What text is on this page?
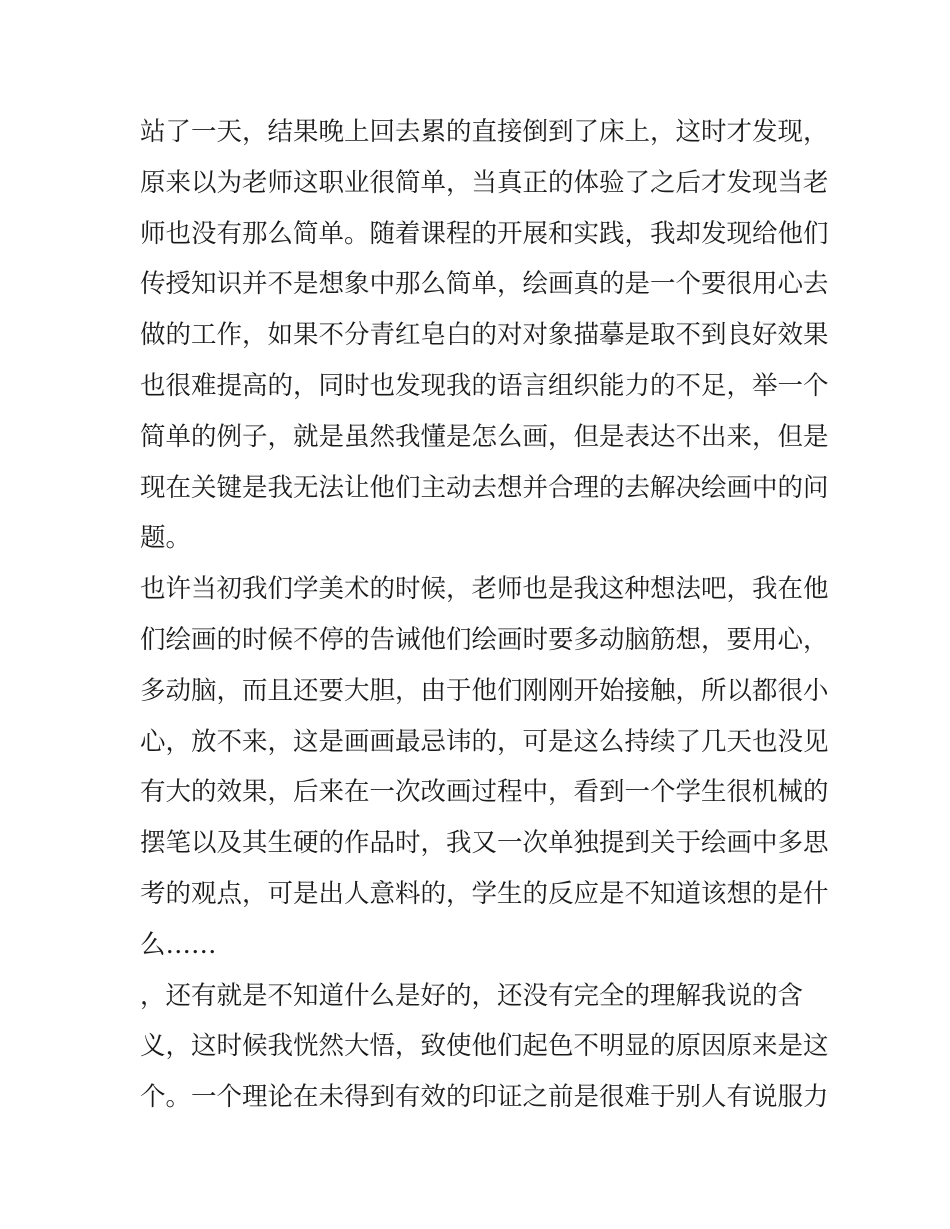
站了一天，结果晚上回去累的直接倒到了床上，这时才发现，
原来以为老师这职业很简单，当真正的体验了之后才发现当老
师也没有那么简单。随着课程的开展和实践，我却发现给他们
传授知识并不是想象中那么简单，绘画真的是一个要很用心去
做的工作，如果不分青红皂白的对对象描摹是取不到良好效果
也很难提高的，同时也发现我的语言组织能力的不足，举一个
简单的例子，就是虽然我懂是怎么画，但是表达不出来，但是
现在关键是我无法让他们主动去想并合理的去解决绘画中的问
题。
也许当初我们学美术的时候，老师也是我这种想法吧，我在他
们绘画的时候不停的告诫他们绘画时要多动脑筋想，要用心，
多动脑，而且还要大胆，由于他们刚刚开始接触，所以都很小
心，放不来，这是画画最忌讳的，可是这么持续了几天也没见
有大的效果，后来在一次改画过程中，看到一个学生很机械的
摆笔以及其生硬的作品时，我又一次单独提到关于绘画中多思
考的观点，可是出人意料的，学生的反应是不知道该想的是什
么……
，还有就是不知道什么是好的，还没有完全的理解我说的含
义，这时候我恍然大悟，致使他们起色不明显的原因原来是这
个。一个理论在未得到有效的印证之前是很难于别人有说服力
